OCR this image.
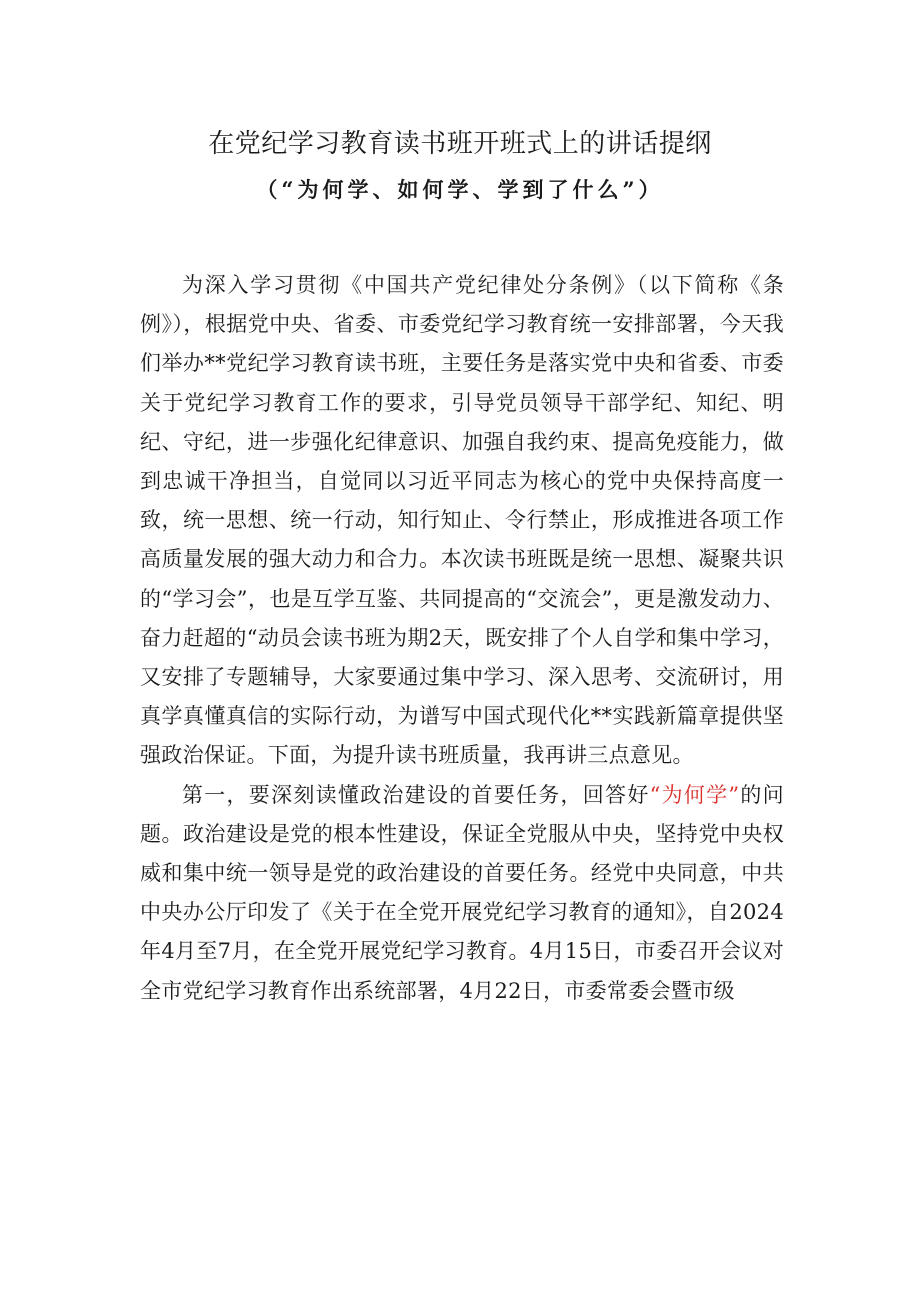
在党纪学习教育读书班开班式上的讲话提纲
（“为何学、如何学、学到了什么”）

为深入学习贯彻《中国共产党纪律处分条例》（以下简称《条例》），根据党中央、省委、市委党纪学习教育统一安排部署，今天我们举办**党纪学习教育读书班，主要任务是落实党中央和省委、市委关于党纪学习教育工作的要求，引导党员领导干部学纪、知纪、明纪、守纪，进一步强化纪律意识、加强自我约束、提高免疫能力，做到忠诚干净担当，自觉同以习近平同志为核心的党中央保持高度一致，统一思想、统一行动，知行知止、令行禁止，形成推进各项工作高质量发展的强大动力和合力。本次读书班既是统一思想、凝聚共识的“学习会”，也是互学互鉴、共同提高的“交流会”，更是激发动力、奋力赶超的“动员会读书班为期2天，既安排了个人自学和集中学习，又安排了专题辅导，大家要通过集中学习、深入思考、交流研讨，用真学真懂真信的实际行动，为谱写中国式现代化**实践新篇章提供坚强政治保证。下面，为提升读书班质量，我再讲三点意见。

第一，要深刻读懂政治建设的首要任务，回答好“为何学”的问题。政治建设是党的根本性建设，保证全党服从中央，坚持党中央权威和集中统一领导是党的政治建设的首要任务。经党中央同意，中共中央办公厅印发了《关于在全党开展党纪学习教育的通知》，自2024年4月至7月，在全党开展党纪学习教育。4月15日，市委召开会议对全市党纪学习教育作出系统部署，4月22日，市委常委会暨市级
